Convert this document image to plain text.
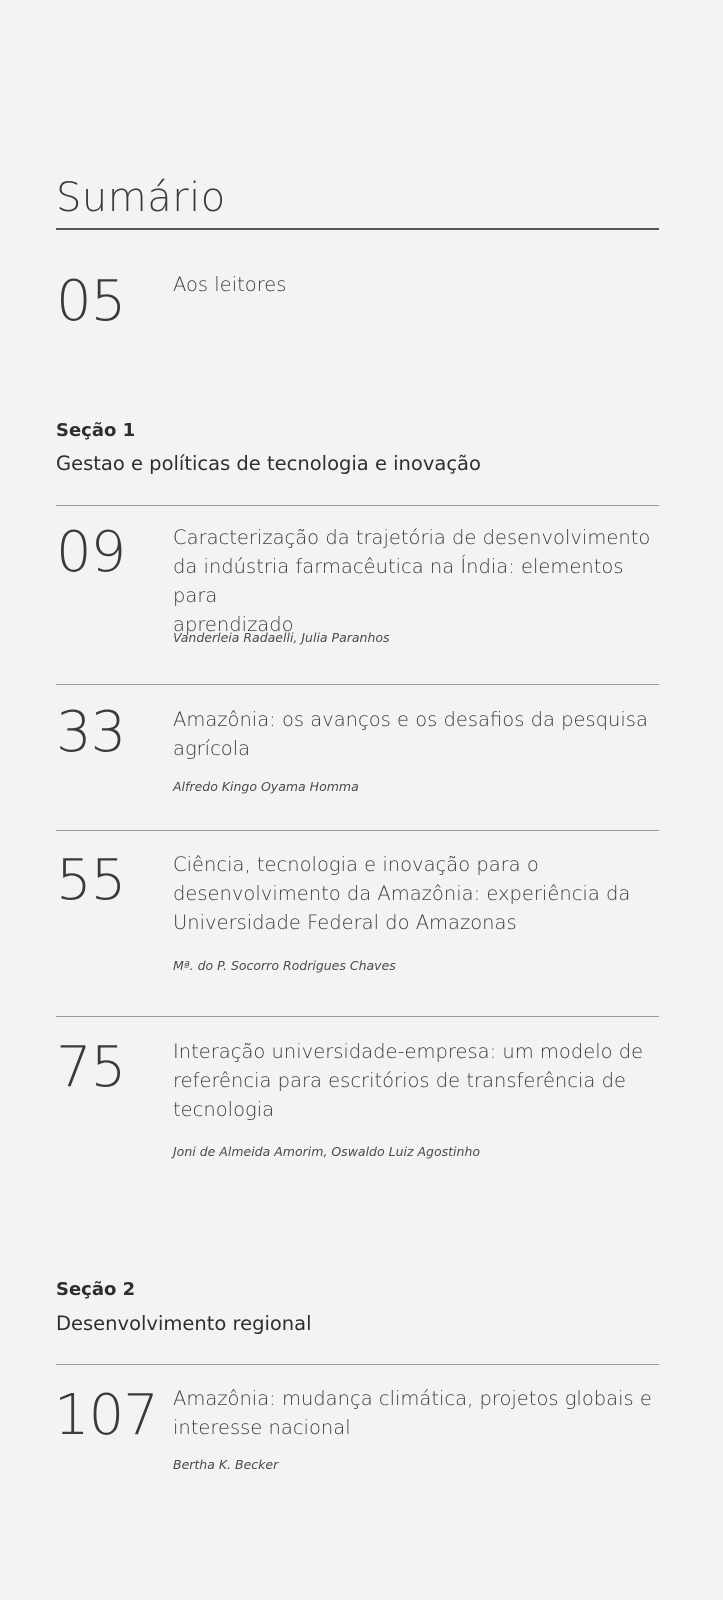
Sumário
05 Aos leitores
Seção 1
Gestao e políticas de tecnologia e inovação
09 Caracterização da trajetória de desenvolvimento
da indústria farmacêutica na Índia: elementos para
aprendizado
Vanderleia Radaelli, Julia Paranhos
33 Amazônia: os avanços e os desafios da pesquisa
agrícola
Alfredo Kingo Oyama Homma
55 Ciência, tecnologia e inovação para o
desenvolvimento da Amazônia: experiência da
Universidade Federal do Amazonas
Mª. do P. Socorro Rodrigues Chaves
75 Interação universidade-empresa: um modelo de
referência para escritórios de transferência de
tecnologia
Joni de Almeida Amorim, Oswaldo Luiz Agostinho
Seção 2
Desenvolvimento regional
107 Amazônia: mudança climática, projetos globais e
interesse nacional
Bertha K. Becker
